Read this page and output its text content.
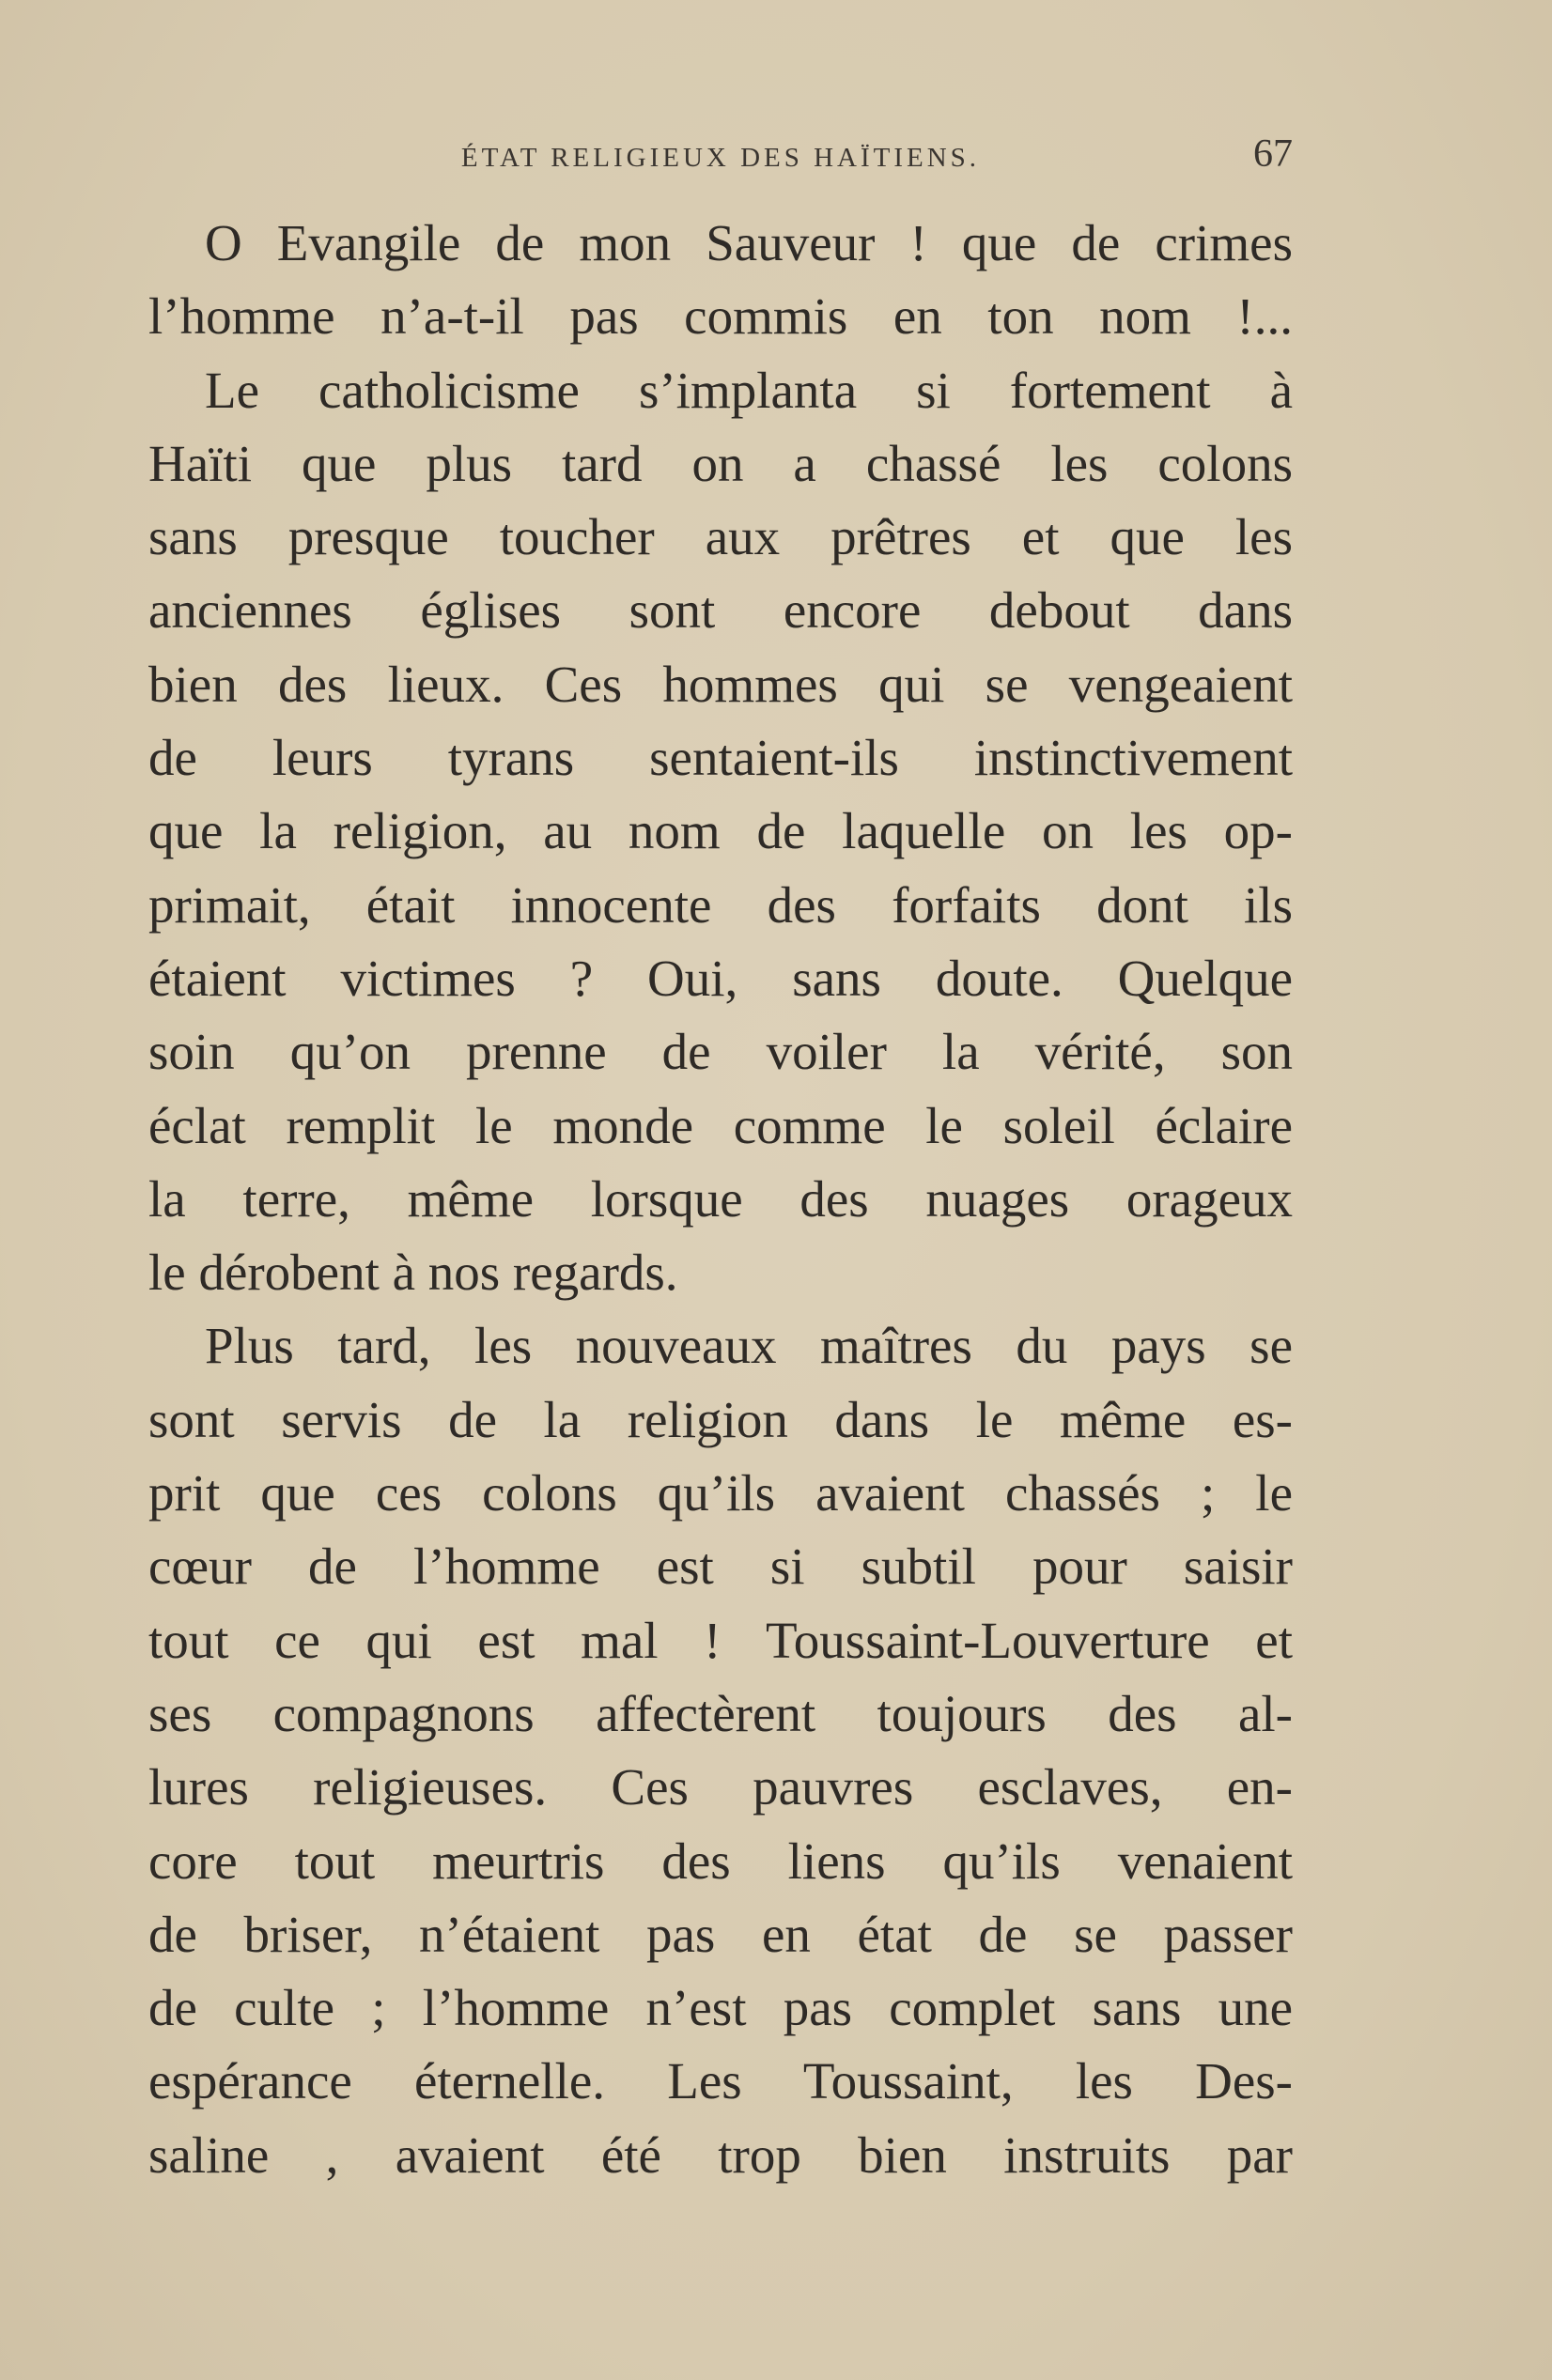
ÉTAT RELIGIEUX DES HAÏTIENS.	67
O Evangile de mon Sauveur ! que de crimes
l’homme n’a-t-il pas commis en ton nom !...
Le catholicisme s’implanta si fortement à
Haïti que plus tard on a chassé les colons
sans presque toucher aux prêtres et que les
anciennes églises sont encore debout dans
bien des lieux. Ces hommes qui se vengeaient
de leurs tyrans sentaient-ils instinctivement
que la religion, au nom de laquelle on les op-
primait, était innocente des forfaits dont ils
étaient victimes ? Oui, sans doute. Quelque
soin qu’on prenne de voiler la vérité, son
éclat remplit le monde comme le soleil éclaire
la terre, même lorsque des nuages orageux
le dérobent à nos regards.
Plus tard, les nouveaux maîtres du pays se
sont servis de la religion dans le même es-
prit que ces colons qu’ils avaient chassés ; le
cœur de l’homme est si subtil pour saisir
tout ce qui est mal ! Toussaint-Louverture et
ses compagnons affectèrent toujours des al-
lures religieuses. Ces pauvres esclaves, en-
core tout meurtris des liens qu’ils venaient
de briser, n’étaient pas en état de se passer
de culte ; l’homme n’est pas complet sans une
espérance éternelle. Les Toussaint, les Des-
saline , avaient été trop bien instruits par
